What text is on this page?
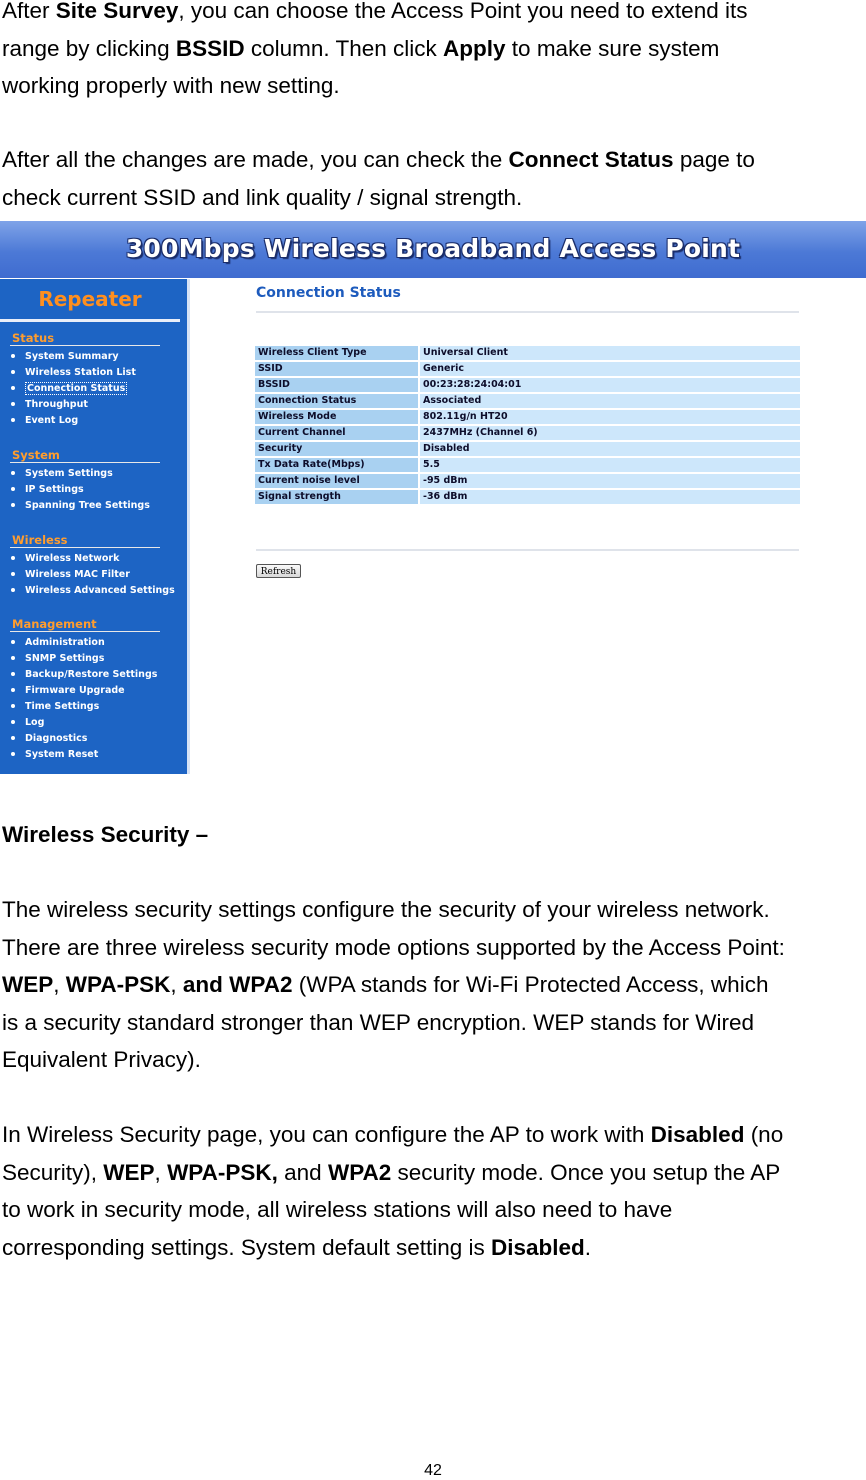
After Site Survey, you can choose the Access Point you need to extend its
range by clicking BSSID column. Then click Apply to make sure system
working properly with new setting.

After all the changes are made, you can check the Connect Status page to
check current SSID and link quality / signal strength.

300Mbps Wireless Broadband Access Point
Repeater
Status
System Summary
Wireless Station List
Connection Status
Throughput
Event Log
System
System Settings
IP Settings
Spanning Tree Settings
Wireless
Wireless Network
Wireless MAC Filter
Wireless Advanced Settings
Management
Administration
SNMP Settings
Backup/Restore Settings
Firmware Upgrade
Time Settings
Log
Diagnostics
System Reset
Connection Status
Wireless Client Type	Universal Client
SSID	Generic
BSSID	00:23:28:24:04:01
Connection Status	Associated
Wireless Mode	802.11g/n HT20
Current Channel	2437MHz (Channel 6)
Security	Disabled
Tx Data Rate(Mbps)	5.5
Current noise level	-95 dBm
Signal strength	-36 dBm
Refresh

Wireless Security –

The wireless security settings configure the security of your wireless network.
There are three wireless security mode options supported by the Access Point:
WEP, WPA-PSK, and WPA2 (WPA stands for Wi-Fi Protected Access, which
is a security standard stronger than WEP encryption. WEP stands for Wired
Equivalent Privacy).

In Wireless Security page, you can configure the AP to work with Disabled (no
Security), WEP, WPA-PSK, and WPA2 security mode. Once you setup the AP
to work in security mode, all wireless stations will also need to have
corresponding settings. System default setting is Disabled.

42
